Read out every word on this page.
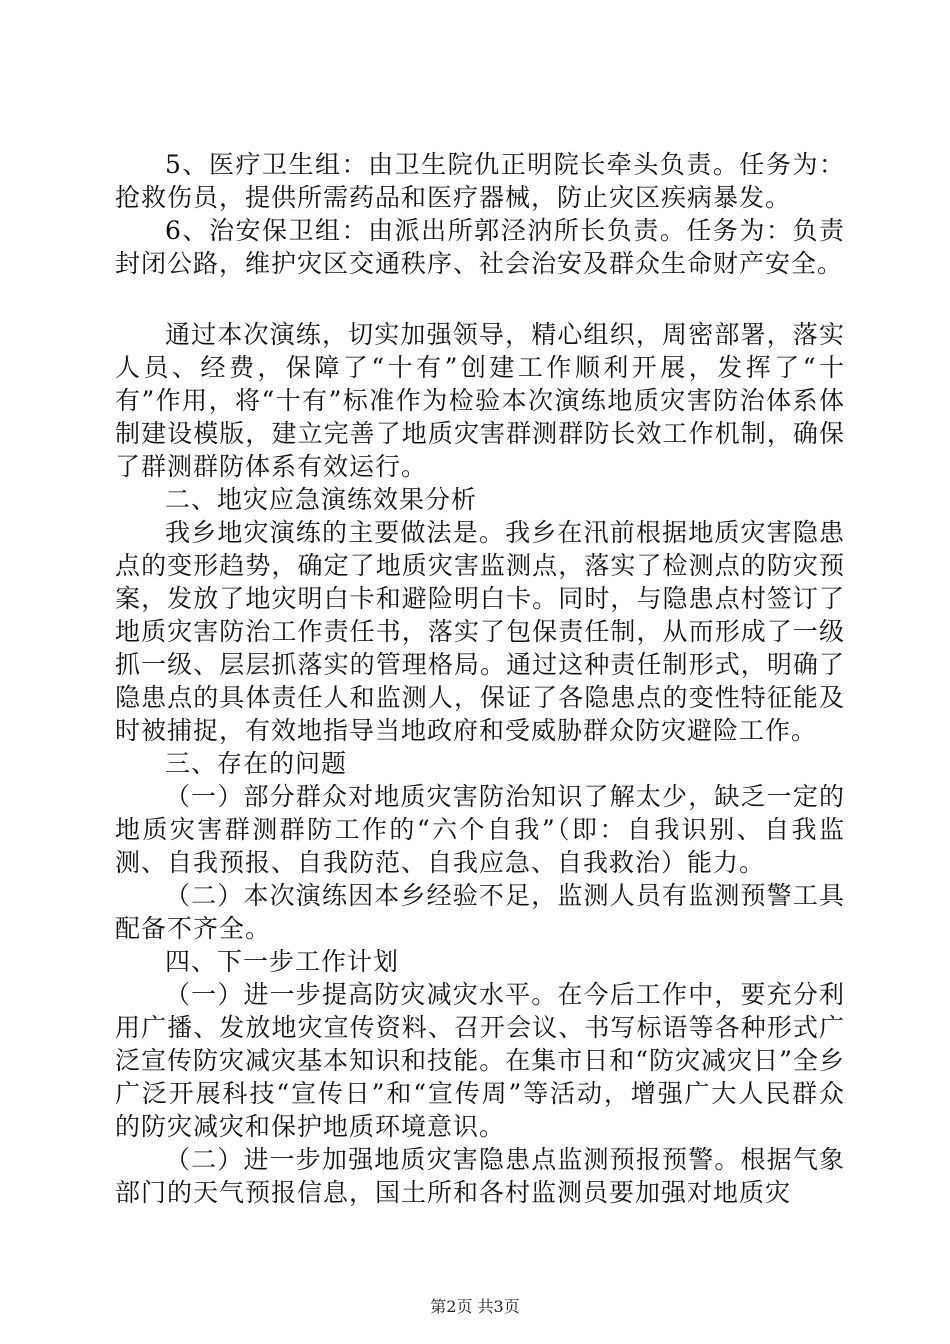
5、医疗卫生组：由卫生院仇正明院长牵头负责。任务为：抢救伤员，提供所需药品和医疗器械，防止灾区疾病暴发。

6、治安保卫组：由派出所郭泾汭所长负责。任务为：负责封闭公路，维护灾区交通秩序、社会治安及群众生命财产安全。

通过本次演练，切实加强领导，精心组织，周密部署，落实人员、经费，保障了“十有”创建工作顺利开展，发挥了“十有”作用，将“十有”标准作为检验本次演练地质灾害防治体系体制建设模版，建立完善了地质灾害群测群防长效工作机制，确保了群测群防体系有效运行。

二、地灾应急演练效果分析

我乡地灾演练的主要做法是。我乡在汛前根据地质灾害隐患点的变形趋势，确定了地质灾害监测点，落实了检测点的防灾预案，发放了地灾明白卡和避险明白卡。同时，与隐患点村签订了地质灾害防治工作责任书，落实了包保责任制，从而形成了一级抓一级、层层抓落实的管理格局。通过这种责任制形式，明确了隐患点的具体责任人和监测人，保证了各隐患点的变性特征能及时被捕捉，有效地指导当地政府和受威胁群众防灾避险工作。

三、存在的问题

（一）部分群众对地质灾害防治知识了解太少，缺乏一定的地质灾害群测群防工作的“六个自我”（即：自我识别、自我监测、自我预报、自我防范、自我应急、自我救治）能力。

（二）本次演练因本乡经验不足，监测人员有监测预警工具配备不齐全。

四、下一步工作计划

（一）进一步提高防灾减灾水平。在今后工作中，要充分利用广播、发放地灾宣传资料、召开会议、书写标语等各种形式广泛宣传防灾减灾基本知识和技能。在集市日和“防灾减灾日”全乡广泛开展科技“宣传日”和“宣传周”等活动，增强广大人民群众的防灾减灾和保护地质环境意识。

（二）进一步加强地质灾害隐患点监测预报预警。根据气象部门的天气预报信息，国土所和各村监测员要加强对地质灾

第2页 共3页
